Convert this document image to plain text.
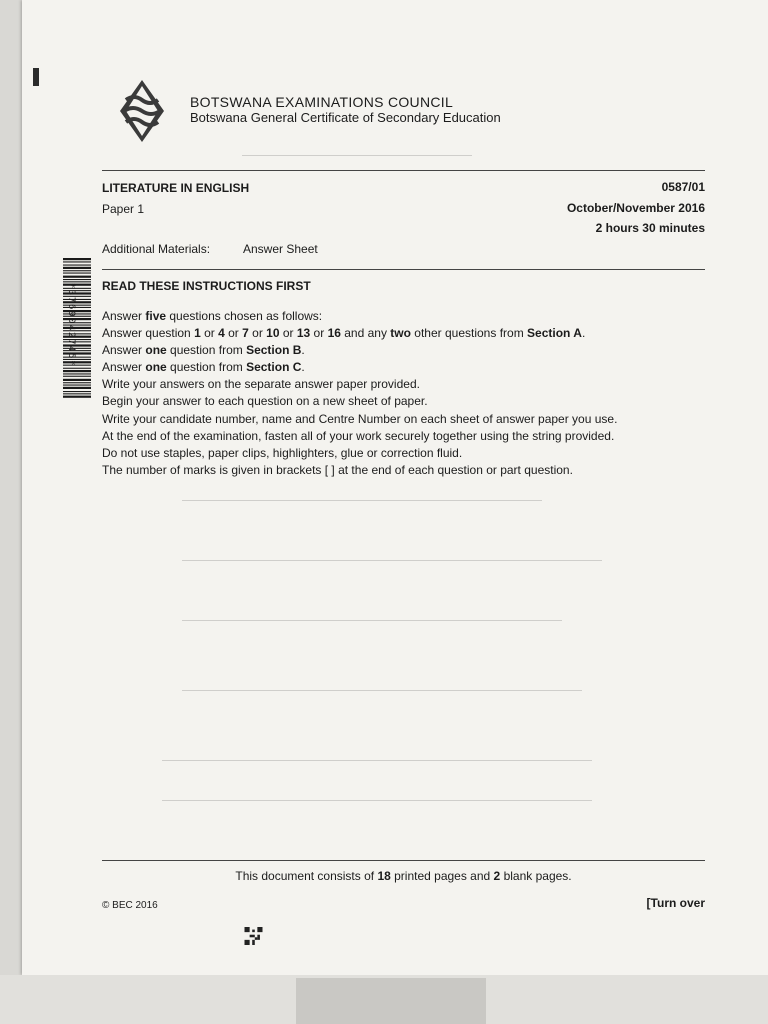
BOTSWANA EXAMINATIONS COUNCIL
Botswana General Certificate of Secondary Education
LITERATURE IN ENGLISH
Paper 1
0587/01
October/November 2016
2 hours 30 minutes
Additional Materials:	Answer Sheet
READ THESE INSTRUCTIONS FIRST
Answer five questions chosen as follows:
Answer question 1 or 4 or 7 or 10 or 13 or 16 and any two other questions from Section A.
Answer one question from Section B.
Answer one question from Section C.
Write your answers on the separate answer paper provided.
Begin your answer to each question on a new sheet of paper.
Write your candidate number, name and Centre Number on each sheet of answer paper you use.
At the end of the examination, fasten all of your work securely together using the string provided.
Do not use staples, paper clips, highlighters, glue or correction fluid.
The number of marks is given in brackets [ ] at the end of each question or part question.
*3769042745*
This document consists of 18 printed pages and 2 blank pages.
© BEC 2016	[Turn over
